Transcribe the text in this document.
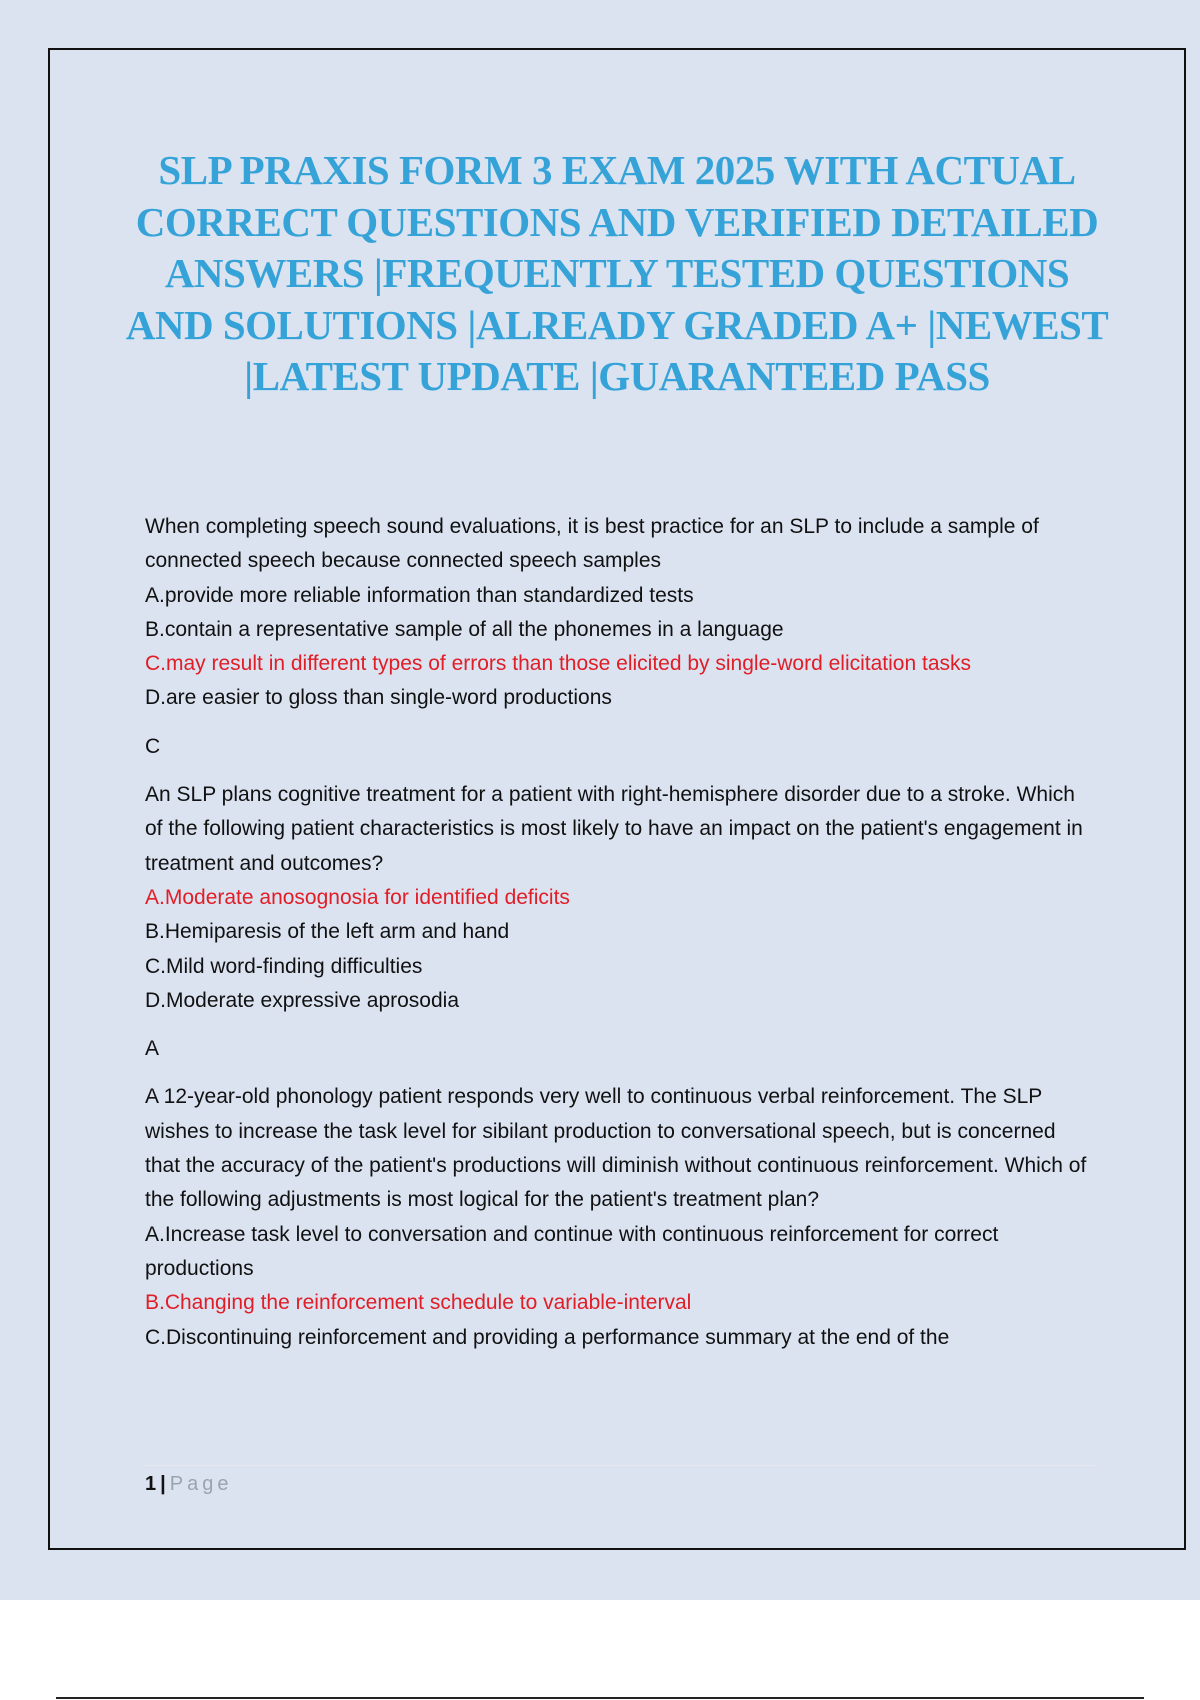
SLP PRAXIS FORM 3 EXAM 2025 WITH ACTUAL CORRECT QUESTIONS AND VERIFIED DETAILED ANSWERS |FREQUENTLY TESTED QUESTIONS AND SOLUTIONS |ALREADY GRADED A+ |NEWEST |LATEST UPDATE |GUARANTEED PASS

When completing speech sound evaluations, it is best practice for an SLP to include a sample of connected speech because connected speech samples

A.provide more reliable information than standardized tests

B.contain a representative sample of all the phonemes in a language

C.may result in different types of errors than those elicited by single-word elicitation tasks

D.are easier to gloss than single-word productions

C

An SLP plans cognitive treatment for a patient with right-hemisphere disorder due to a stroke. Which of the following patient characteristics is most likely to have an impact on the patient's engagement in treatment and outcomes?

A.Moderate anosognosia for identified deficits

B.Hemiparesis of the left arm and hand

C.Mild word-finding difficulties

D.Moderate expressive aprosodia

A

A 12-year-old phonology patient responds very well to continuous verbal reinforcement. The SLP wishes to increase the task level for sibilant production to conversational speech, but is concerned that the accuracy of the patient's productions will diminish without continuous reinforcement. Which of the following adjustments is most logical for the patient's treatment plan?

A.Increase task level to conversation and continue with continuous reinforcement for correct productions

B.Changing the reinforcement schedule to variable-interval

C.Discontinuing reinforcement and providing a performance summary at the end of the

1 | Page
